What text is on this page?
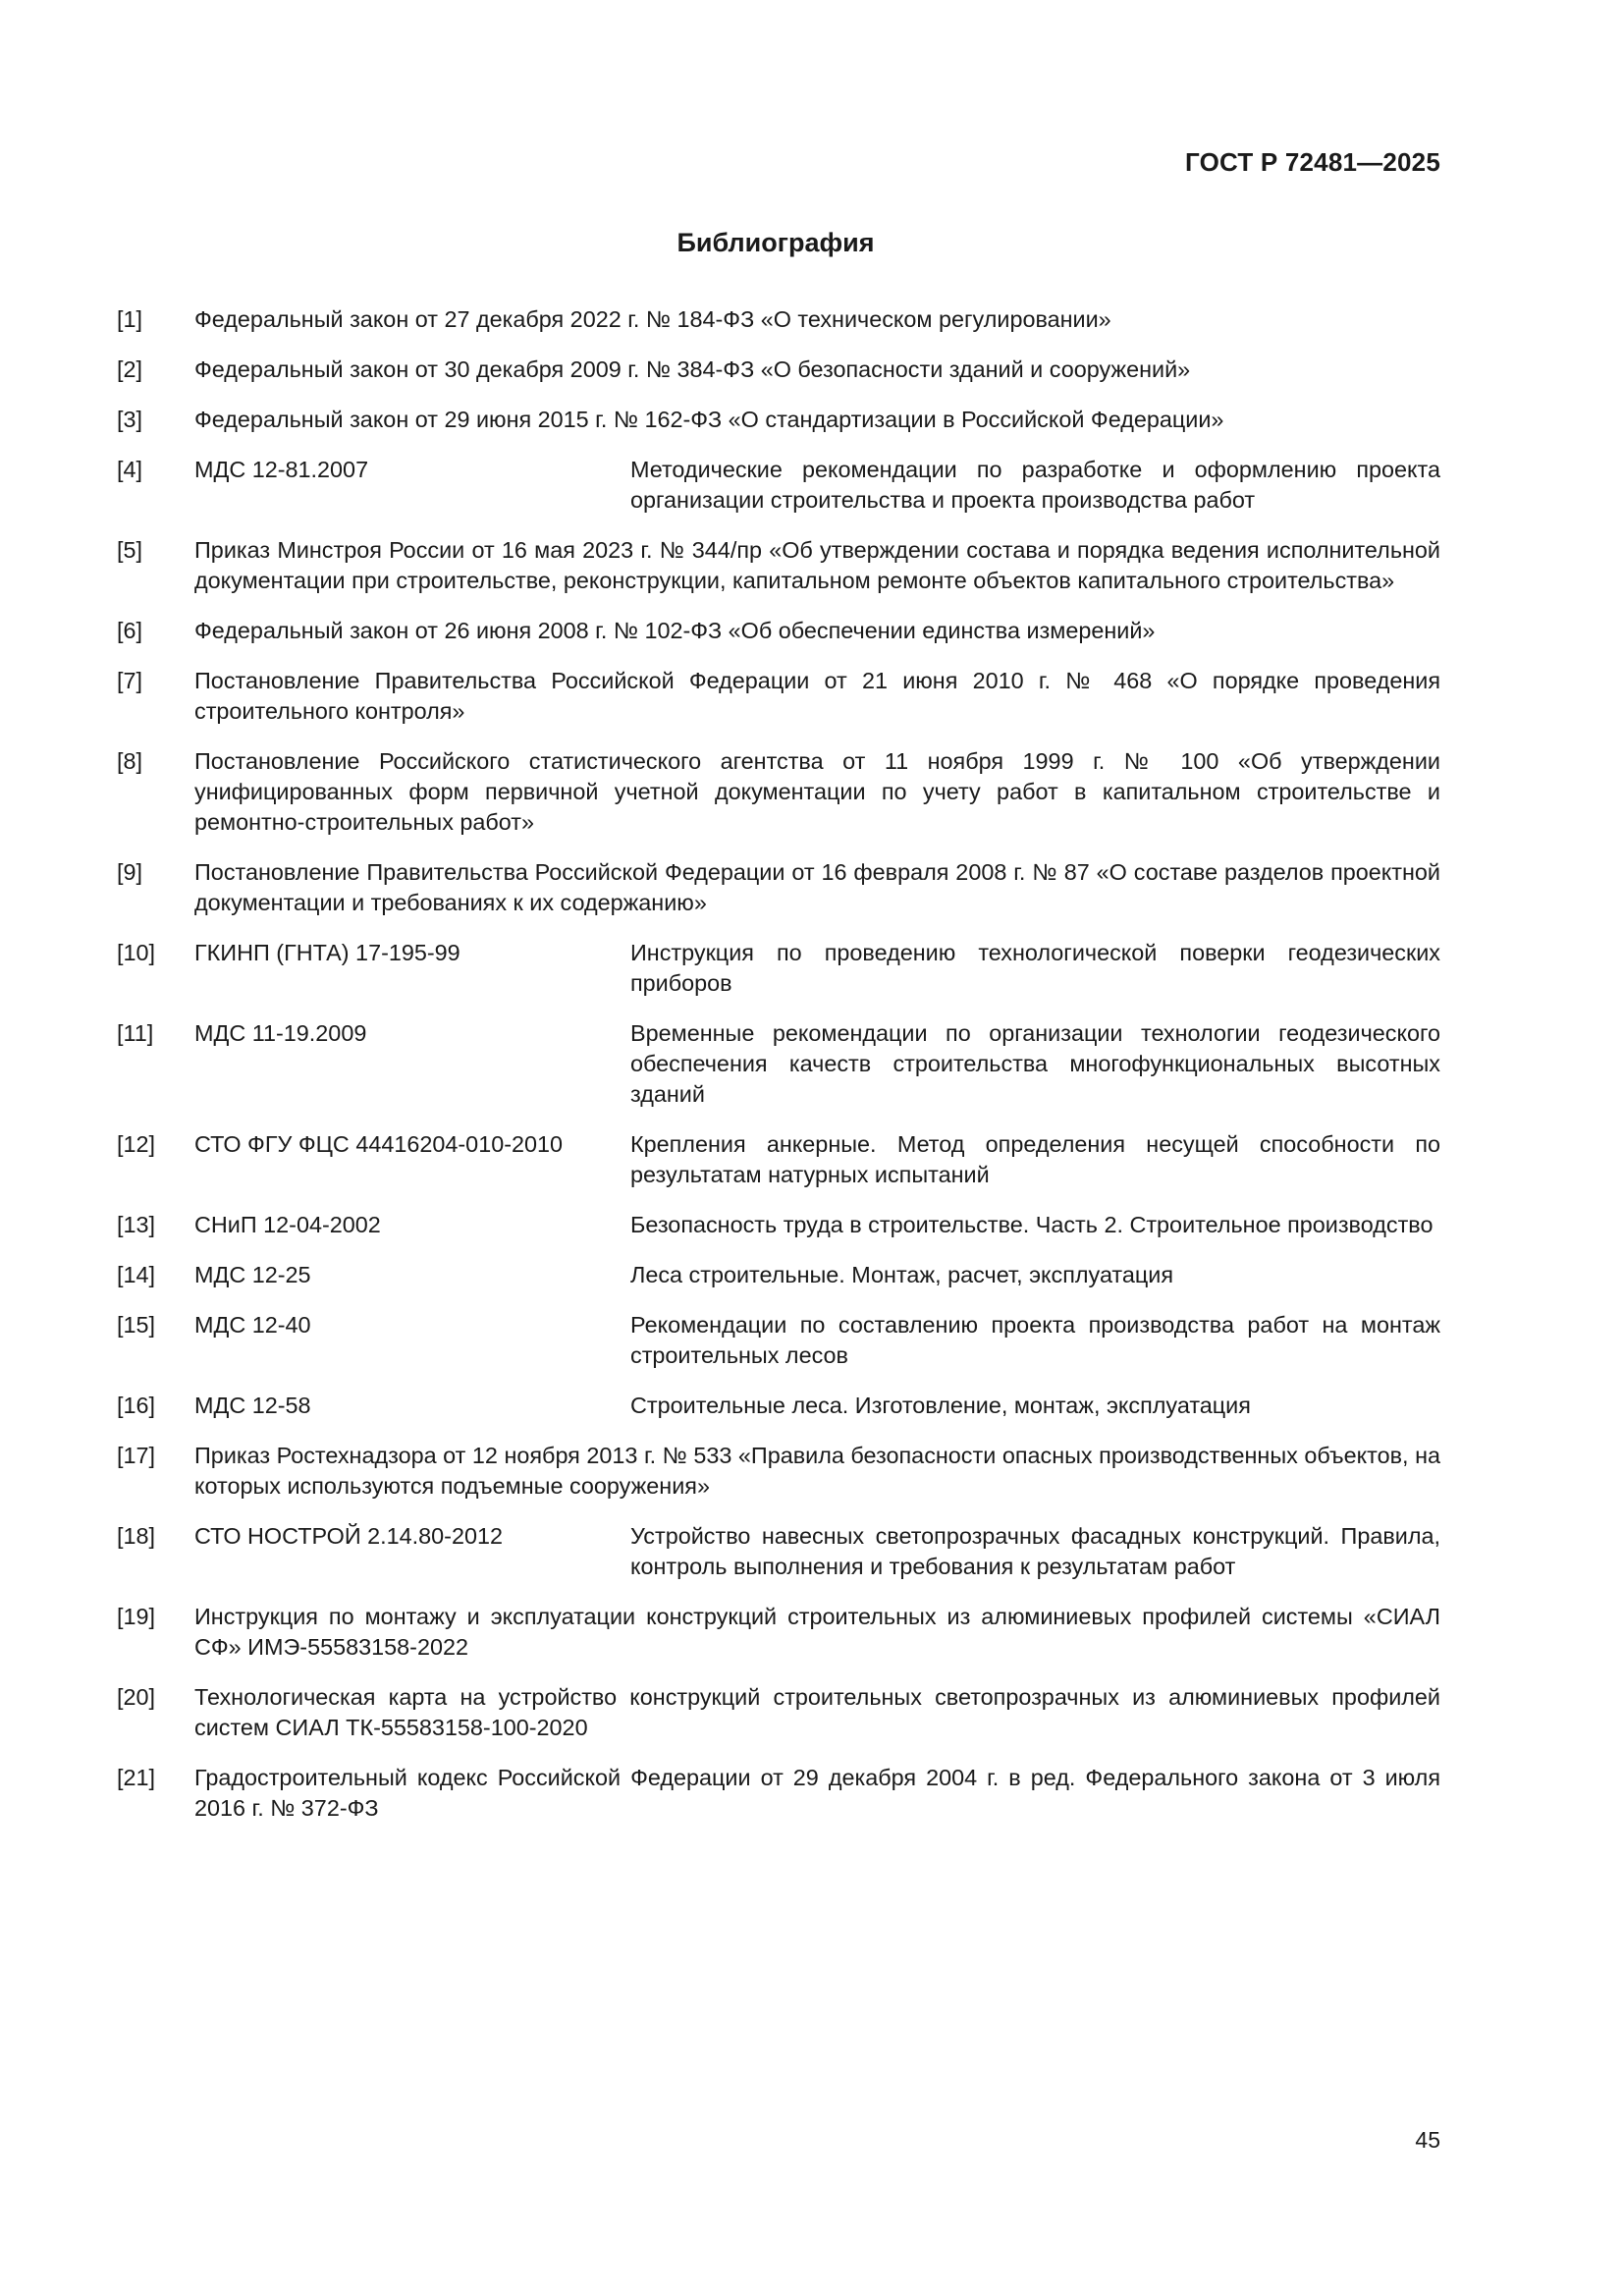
ГОСТ Р 72481—2025
Библиография
[1]	Федеральный закон от 27 декабря 2022 г. № 184-ФЗ «О техническом регулировании»
[2]	Федеральный закон от 30 декабря 2009 г. № 384-ФЗ «О безопасности зданий и сооружений»
[3]	Федеральный закон от 29 июня 2015 г. № 162-ФЗ «О стандартизации в Российской Федерации»
[4]	МДС 12-81.2007	Методические рекомендации по разработке и оформлению проекта организации строительства и проекта производства работ
[5]	Приказ Минстроя России от 16 мая 2023 г. № 344/пр «Об утверждении состава и порядка ведения исполнительной документации при строительстве, реконструкции, капитальном ремонте объектов капитального строительства»
[6]	Федеральный закон от 26 июня 2008 г. № 102-ФЗ «Об обеспечении единства измерений»
[7]	Постановление Правительства Российской Федерации от 21 июня 2010 г. № 468 «О порядке проведения строительного контроля»
[8]	Постановление Российского статистического агентства от 11 ноября 1999 г. № 100 «Об утверждении унифицированных форм первичной учетной документации по учету работ в капитальном строительстве и ремонтно-строительных работ»
[9]	Постановление Правительства Российской Федерации от 16 февраля 2008 г. № 87 «О составе разделов проектной документации и требованиях к их содержанию»
[10]	ГКИНП (ГНТА) 17-195-99	Инструкция по проведению технологической поверки геодезических приборов
[11]	МДС 11-19.2009	Временные рекомендации по организации технологии геодезического обеспечения качеств строительства многофункциональных высотных зданий
[12]	СТО ФГУ ФЦС 44416204-010-2010	Крепления анкерные. Метод определения несущей способности по результатам натурных испытаний
[13]	СНиП 12-04-2002	Безопасность труда в строительстве. Часть 2. Строительное производство
[14]	МДС 12-25	Леса строительные. Монтаж, расчет, эксплуатация
[15]	МДС 12-40	Рекомендации по составлению проекта производства работ на монтаж строительных лесов
[16]	МДС 12-58	Строительные леса. Изготовление, монтаж, эксплуатация
[17]	Приказ Ростехнадзора от 12 ноября 2013 г. № 533 «Правила безопасности опасных производственных объектов, на которых используются подъемные сооружения»
[18]	СТО НОСТРОЙ 2.14.80-2012	Устройство навесных светопрозрачных фасадных конструкций. Правила, контроль выполнения и требования к результатам работ
[19]	Инструкция по монтажу и эксплуатации конструкций строительных из алюминиевых профилей системы «СИАЛ СФ» ИМЭ-55583158-2022
[20]	Технологическая карта на устройство конструкций строительных светопрозрачных из алюминиевых профилей систем СИАЛ ТК-55583158-100-2020
[21]	Градостроительный кодекс Российской Федерации от 29 декабря 2004 г. в ред. Федерального закона от 3 июля 2016 г. № 372-ФЗ
45
